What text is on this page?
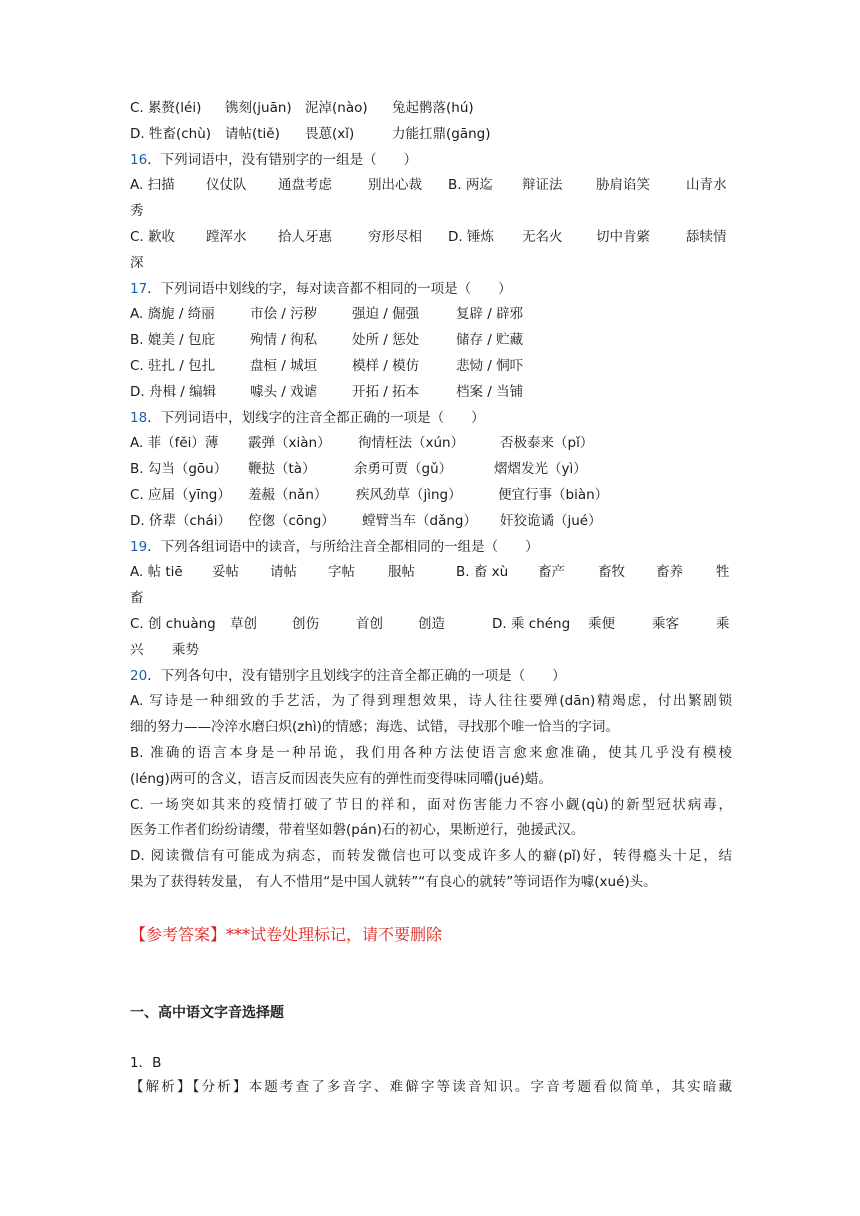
C. 累赘(léi) 镌刻(juān) 泥淖(nào) 兔起鹘落(hú)
D. 牲畜(chù) 请帖(tiě) 畏葸(xǐ)	力能扛鼎(gāng)
16．下列词语中，没有错别字的一组是（　　）
A. 扫描 仪仗队 通盘考虑	别出心裁 B. 两迄 辩证法 胁肩谄笑	山青水
秀
C. 歉收 蹚浑水 拾人牙惠	穷形尽相 D. 锤炼 无名火 切中肯綮	舔犊情
深
17．下列词语中划线的字，每对读音都不相同的一项是（　　）
A. 旖旎 / 绮丽	市侩 / 污秽	强迫 / 倔强	复辟 / 辟邪
B. 媲美 / 包庇	殉情 / 徇私	处所 / 惩处	储存 / 贮藏
C. 驻扎 / 包扎	盘桓 / 城垣	模样 / 模仿	悲恸 / 恫吓
D. 舟楫 / 编辑	噱头 / 戏谑	开拓 / 拓本	档案 / 当铺
18．下列词语中，划线字的注音全都正确的一项是（　　）
A. 菲（fěi）薄 霰弹（xiàn） 徇情枉法（xún）	否极泰来（pǐ）
B. 勾当（gōu） 鞭挞（tà）	余勇可贾（gǔ）	熠熠发光（yì）
C. 应届（yīng） 羞赧（nǎn） 疾风劲草（jìng）	便宜行事（biàn）
D. 侪辈（chái） 倥偬（cōng） 螳臂当车（dǎng） 奸狡诡谲（jué）
19．下列各组词语中的读音，与所给注音全都相同的一组是（　　）
A. 帖 tiē 妥帖 请帖 字帖 服帖	B. 畜 xù 畜产 畜牧 畜养 牲
畜
C. 创 chuàng 草创	创伤	首创	创造	D. 乘 chéng 乘便	乘客	乘
兴 乘势
20．下列各句中，没有错别字且划线字的注音全都正确的一项是（　　）
A. 写诗是一种细致的手艺活，为了得到理想效果，诗人往往要殚(dān)精竭虑，付出繁剧锁
细的努力——冷淬水磨臼炽(zhì)的情感；海选、试错，寻找那个唯一恰当的字词。
B. 准确的语言本身是一种吊诡，我们用各种方法使语言愈来愈准确，使其几乎没有模棱
(léng)两可的含义，语言反而因丧失应有的弹性而变得味同嚼(jué)蜡。
C. 一场突如其来的疫情打破了节日的祥和，面对伤害能力不容小觑(qù)的新型冠状病毒，
医务工作者们纷纷请缨，带着坚如磐(pán)石的初心，果断逆行，弛援武汉。
D. 阅读微信有可能成为病态，而转发微信也可以变成许多人的癖(pǐ)好，转得瘾头十足，结
果为了获得转发量， 有人不惜用“是中国人就转”“有良心的就转”等词语作为噱(xué)头。
【参考答案】***试卷处理标记，请不要删除
一、高中语文字音选择题
1．B
【解析】【分析】本题考查了多音字、难僻字等读音知识。字音考题看似简单，其实暗藏
